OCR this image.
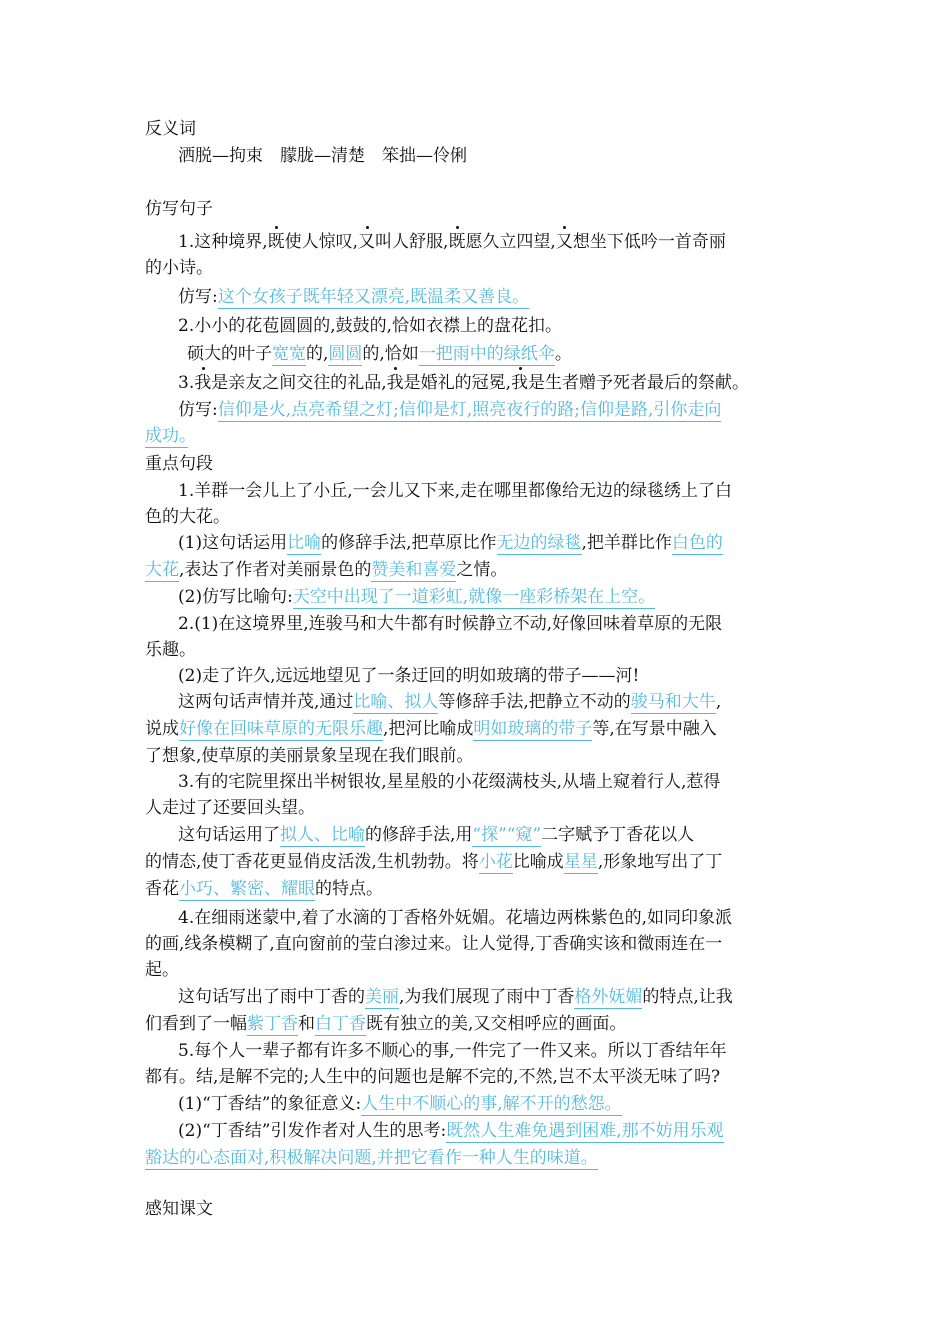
反义词

洒脱—拘束　朦胧—清楚　笨拙—伶俐

仿写句子

1.这种境界,既使人惊叹,又叫人舒服,既愿久立四望,又想坐下低吟一首奇丽

的小诗。

仿写:这个女孩子既年轻又漂亮,既温柔又善良。

2.小小的花苞圆圆的,鼓鼓的,恰如衣襟上的盘花扣。

硕大的叶子宽宽的,圆圆的,恰如一把雨中的绿纸伞。

3.我是亲友之间交往的礼品,我是婚礼的冠冕,我是生者赠予死者最后的祭献。

仿写:信仰是火,点亮希望之灯;信仰是灯,照亮夜行的路;信仰是路,引你走向

成功。　

重点句段

1.羊群一会儿上了小丘,一会儿又下来,走在哪里都像给无边的绿毯绣上了白

色的大花。

(1)这句话运用比喻的修辞手法,把草原比作无边的绿毯,把羊群比作白色的

大花,表达了作者对美丽景色的赞美和喜爱之情。

(2)仿写比喻句:天空中出现了一道彩虹,就像一座彩桥架在上空。

2.(1)在这境界里,连骏马和大牛都有时候静立不动,好像回味着草原的无限

乐趣。

(2)走了许久,远远地望见了一条迂回的明如玻璃的带子——河!

这两句话声情并茂,通过比喻、拟人等修辞手法,把静立不动的骏马和大牛,

说成好像在回味草原的无限乐趣,把河比喻成明如玻璃的带子等,在写景中融入

了想象,使草原的美丽景象呈现在我们眼前。

3.有的宅院里探出半树银妆,星星般的小花缀满枝头,从墙上窥着行人,惹得

人走过了还要回头望。

这句话运用了拟人、比喻的修辞手法,用“探”“窥”二字赋予丁香花以人

的情态,使丁香花更显俏皮活泼,生机勃勃。将小花比喻成星星,形象地写出了丁

香花小巧、繁密、耀眼的特点。

4.在细雨迷蒙中,着了水滴的丁香格外妩媚。花墙边两株紫色的,如同印象派

的画,线条模糊了,直向窗前的莹白渗过来。让人觉得,丁香确实该和微雨连在一

起。

这句话写出了雨中丁香的美丽,为我们展现了雨中丁香格外妩媚的特点,让我

们看到了一幅紫丁香和白丁香既有独立的美,又交相呼应的画面。

5.每个人一辈子都有许多不顺心的事,一件完了一件又来。所以丁香结年年

都有。结,是解不完的;人生中的问题也是解不完的,不然,岂不太平淡无味了吗?

(1)“丁香结”的象征意义:人生中不顺心的事,解不开的愁怨。

(2)“丁香结”引发作者对人生的思考:既然人生难免遇到困难,那不妨用乐观

豁达的心态面对,积极解决问题,并把它看作一种人生的味道。

感知课文
